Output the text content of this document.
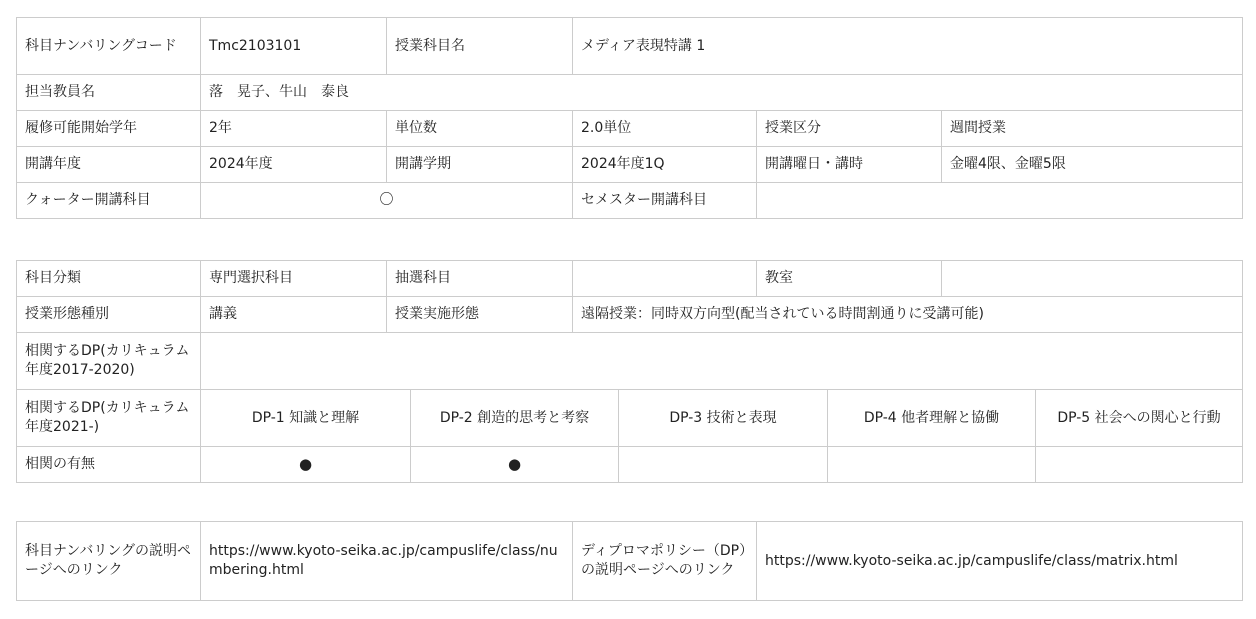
科目ナンバリングコード	Tmc2103101	授業科目名	メディア表現特講 1		
担当教員名	落　晃子、牛山　泰良				
履修可能開始学年	2年	単位数	2.0単位	授業区分	週間授業
開講年度	2024年度	開講学期	2024年度1Q	開講曜日・講時	金曜4限、金曜5限
クォーター開講科目	〇		セメスター開講科目		
科目分類	専門選択科目	抽選科目				教室			
授業形態種別	講義	授業実施形態		遠隔授業：同時双方向型(配当されている時間割通りに受講可能)					
相関するDP(カリキュラム年度2017-2020)									
相関するDP(カリキュラム年度2021-)	DP-1 知識と理解		DP-2 創造的思考と考察		DP-3 技術と表現		DP-4 他者理解と協働		DP-5 社会への関心と行動
相関の有無	●		●						
科目ナンバリングの説明ページへのリンク	https://www.kyoto-seika.ac.jp/campuslife/class/numbering.html	ディプロマポリシー（DP）の説明ページへのリンク	https://www.kyoto-seika.ac.jp/campuslife/class/matrix.html
